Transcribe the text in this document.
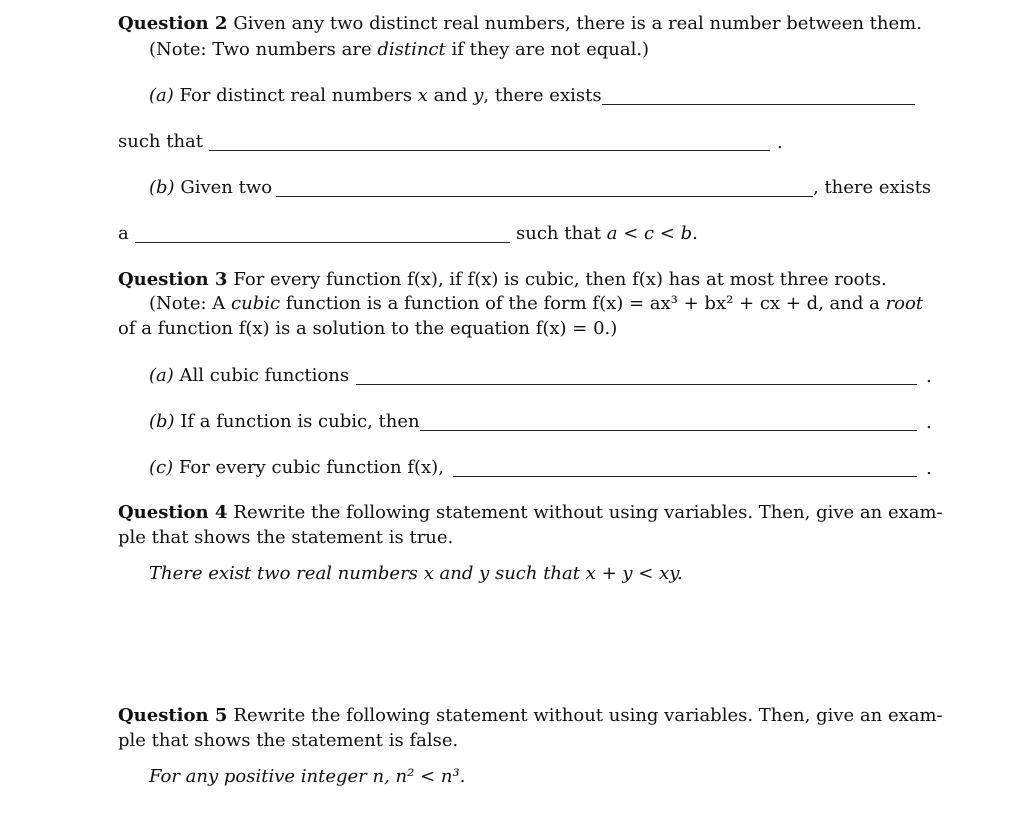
Question 2 Given any two distinct real numbers, there is a real number between them.
(Note: Two numbers are distinct if they are not equal.)
(a) For distinct real numbers x and y, there exists
such that	.
(b) Given two	, there exists
a	such that a < c < b.
Question 3 For every function f(x), if f(x) is cubic, then f(x) has at most three roots.
(Note: A cubic function is a function of the form f(x) = ax³ + bx² + cx + d, and a root
of a function f(x) is a solution to the equation f(x) = 0.)
(a) All cubic functions	.
(b) If a function is cubic, then	.
(c) For every cubic function f(x),	.
Question 4 Rewrite the following statement without using variables. Then, give an exam-
ple that shows the statement is true.
There exist two real numbers x and y such that x + y < xy.
Question 5 Rewrite the following statement without using variables. Then, give an exam-
ple that shows the statement is false.
For any positive integer n, n² < n³.
